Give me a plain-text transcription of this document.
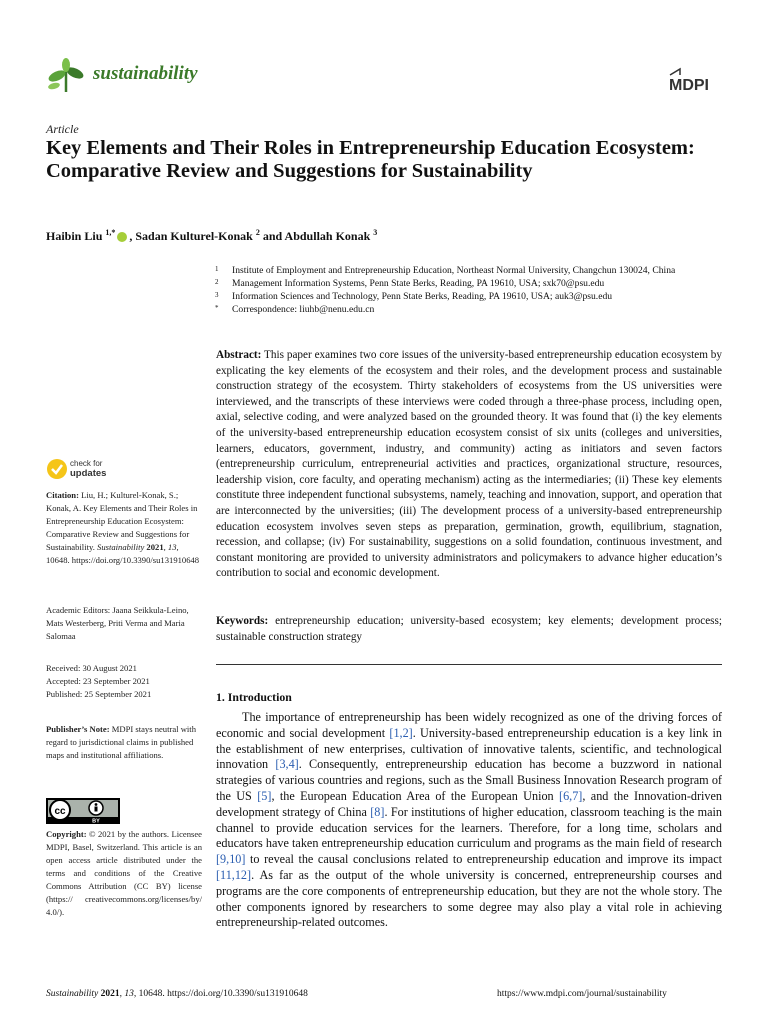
sustainability
MDPI
Article
Key Elements and Their Roles in Entrepreneurship Education Ecosystem: Comparative Review and Suggestions for Sustainability
Haibin Liu $^{1,*}$ , Sadan Kulturel-Konak $^2$ and Abdullah Konak $^3$
1	Institute of Employment and Entrepreneurship Education, Northeast Normal University, Changchun 130024, China
2	Management Information Systems, Penn State Berks, Reading, PA 19610, USA; sxk70@psu.edu
3	Information Sciences and Technology, Penn State Berks, Reading, PA 19610, USA; auk3@psu.edu
*	Correspondence: liuhb@nenu.edu.cn

Abstract: This paper examines two core issues of the university-based entrepreneurship education ecosystem by explicating the key elements of the ecosystem and their roles, and the development process and sustainable construction strategy of the ecosystem. Thirty stakeholders of ecosystems from the US universities were interviewed, and the transcripts of these interviews were coded through a three-phase process, including open, axial, selective coding, and were analyzed based on the grounded theory. It was found that (i) the key elements of the university-based entrepreneurship education ecosystem consist of six units (colleges and universities, learners, educators, government, industry, and community) acting as initiators and seven factors (entrepreneurship curriculum, entrepreneurial activities and practices, organizational structure, resources, leadership vision, core faculty, and operating mechanism) acting as the intermediaries; (ii) These key elements constitute three independent functional subsystems, namely, teaching and innovation, support, and operation that are interconnected by the universities; (iii) The development process of a university-based entrepreneurship education ecosystem involves seven steps as preparation, germination, growth, equilibrium, stagnation, recession, and collapse; (iv) For sustainability, suggestions on a solid foundation, continuous investment, and constant monitoring are provided to university administrators and policymakers to advance higher education’s contribution to social and economic development.

Keywords: entrepreneurship education; university-based ecosystem; key elements; development process; sustainable construction strategy

check for
updates
Citation: Liu, H.; Kulturel-Konak, S.; Konak, A. Key Elements and Their Roles in Entrepreneurship Education Ecosystem: Comparative Review and Suggestions for Sustainability. Sustainability 2021, 13, 10648. https://doi.org/10.3390/su131910648
Academic Editors: Jaana Seikkula-Leino, Mats Westerberg, Priti Verma and Maria Salomaa
Received: 30 August 2021
Accepted: 23 September 2021
Published: 25 September 2021
Publisher’s Note: MDPI stays neutral with regard to jurisdictional claims in published maps and institutional affiliations.
cc
BY
Copyright: © 2021 by the authors. Licensee MDPI, Basel, Switzerland. This article is an open access article distributed under the terms and conditions of the Creative Commons Attribution (CC BY) license (https:// creativecommons.org/licenses/by/ 4.0/).
1. Introduction

The importance of entrepreneurship has been widely recognized as one of the driving forces of economic and social development [1,2]. University-based entrepreneurship education is a key link in the establishment of new enterprises, cultivation of innovative talents, scientific, and technological innovation [3,4]. Consequently, entrepreneurship education has become a buzzword in national strategies of various countries and regions, such as the Small Business Innovation Research program of the US [5], the European Education Area of the European Union [6,7], and the Innovation-driven development strategy of China [8]. For institutions of higher education, classroom teaching is the main channel to provide education services for the learners. Therefore, for a long time, scholars and educators have taken entrepreneurship education curriculum and programs as the main field of research [9,10] to reveal the causal conclusions related to entrepreneurship education and improve its impact [11,12]. As far as the output of the whole university is concerned, entrepreneurship courses and programs are the core components of entrepreneurship education, but they are not the whole story. The other components ignored by researchers to some degree may also play a vital role in achieving entrepreneurship-related outcomes.

Sustainability 2021, 13, 10648. https://doi.org/10.3390/su131910648	https://www.mdpi.com/journal/sustainability
